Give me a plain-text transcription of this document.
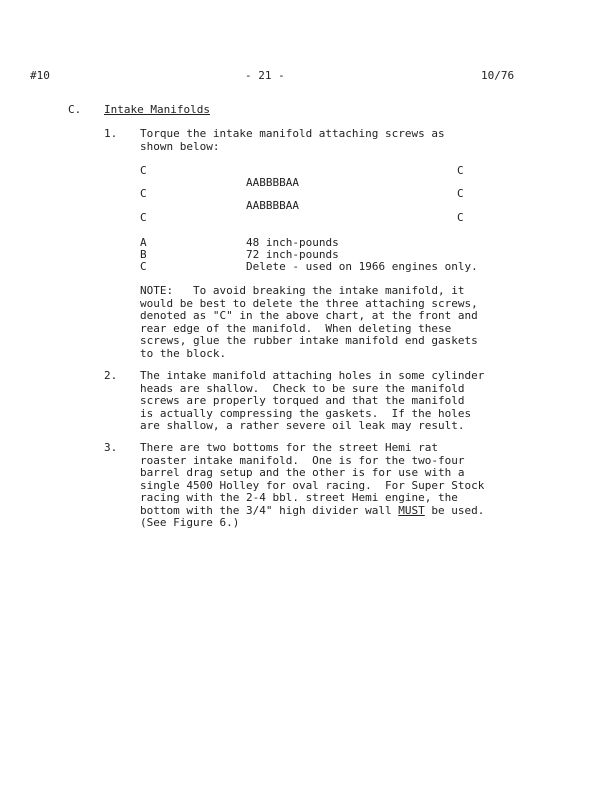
#10	- 21 -	10/76
C. Intake Manifolds
1. Torque the intake manifold attaching screws as
shown below:
C	C
AABBBBAA
C	C
AABBBBAA
C	C
A	48 inch-pounds
B	72 inch-pounds
C	Delete - used on 1966 engines only.
NOTE:   To avoid breaking the intake manifold, it
would be best to delete the three attaching screws,
denoted as "C" in the above chart, at the front and
rear edge of the manifold.  When deleting these
screws, glue the rubber intake manifold end gaskets
to the block.
2. The intake manifold attaching holes in some cylinder
heads are shallow.  Check to be sure the manifold
screws are properly torqued and that the manifold
is actually compressing the gaskets.  If the holes
are shallow, a rather severe oil leak may result.
3. There are two bottoms for the street Hemi rat
roaster intake manifold.  One is for the two-four
barrel drag setup and the other is for use with a
single 4500 Holley for oval racing.  For Super Stock
racing with the 2-4 bbl. street Hemi engine, the
bottom with the 3/4" high divider wall MUST be used.
(See Figure 6.)
